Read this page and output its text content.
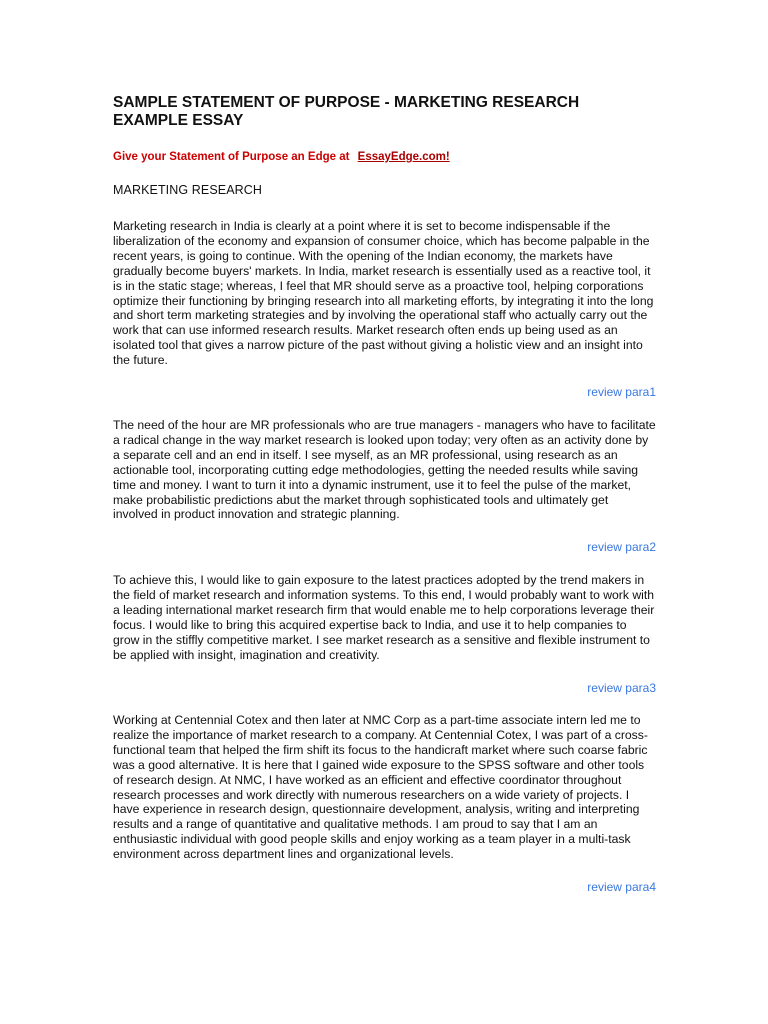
SAMPLE STATEMENT OF PURPOSE - MARKETING RESEARCH EXAMPLE ESSAY
Give your Statement of Purpose an Edge at EssayEdge.com!
MARKETING RESEARCH

Marketing research in India is clearly at a point where it is set to become indispensable if the liberalization of the economy and expansion of consumer choice, which has become palpable in the recent years, is going to continue. With the opening of the Indian economy, the markets have gradually become buyers' markets. In India, market research is essentially used as a reactive tool, it is in the static stage; whereas, I feel that MR should serve as a proactive tool, helping corporations optimize their functioning by bringing research into all marketing efforts, by integrating it into the long and short term marketing strategies and by involving the operational staff who actually carry out the work that can use informed research results. Market research often ends up being used as an isolated tool that gives a narrow picture of the past without giving a holistic view and an insight into the future.

review para1

The need of the hour are MR professionals who are true managers - managers who have to facilitate a radical change in the way market research is looked upon today; very often as an activity done by a separate cell and an end in itself. I see myself, as an MR professional, using research as an actionable tool, incorporating cutting edge methodologies, getting the needed results while saving time and money. I want to turn it into a dynamic instrument, use it to feel the pulse of the market, make probabilistic predictions abut the market through sophisticated tools and ultimately get involved in product innovation and strategic planning.

review para2

To achieve this, I would like to gain exposure to the latest practices adopted by the trend makers in the field of market research and information systems. To this end, I would probably want to work with a leading international market research firm that would enable me to help corporations leverage their focus. I would like to bring this acquired expertise back to India, and use it to help companies to grow in the stiffly competitive market. I see market research as a sensitive and flexible instrument to be applied with insight, imagination and creativity.

review para3

Working at Centennial Cotex and then later at NMC Corp as a part-time associate intern led me to realize the importance of market research to a company. At Centennial Cotex, I was part of a cross-functional team that helped the firm shift its focus to the handicraft market where such coarse fabric was a good alternative. It is here that I gained wide exposure to the SPSS software and other tools of research design. At NMC, I have worked as an efficient and effective coordinator throughout research processes and work directly with numerous researchers on a wide variety of projects. I have experience in research design, questionnaire development, analysis, writing and interpreting results and a range of quantitative and qualitative methods. I am proud to say that I am an enthusiastic individual with good people skills and enjoy working as a team player in a multi-task environment across department lines and organizational levels.

review para4
